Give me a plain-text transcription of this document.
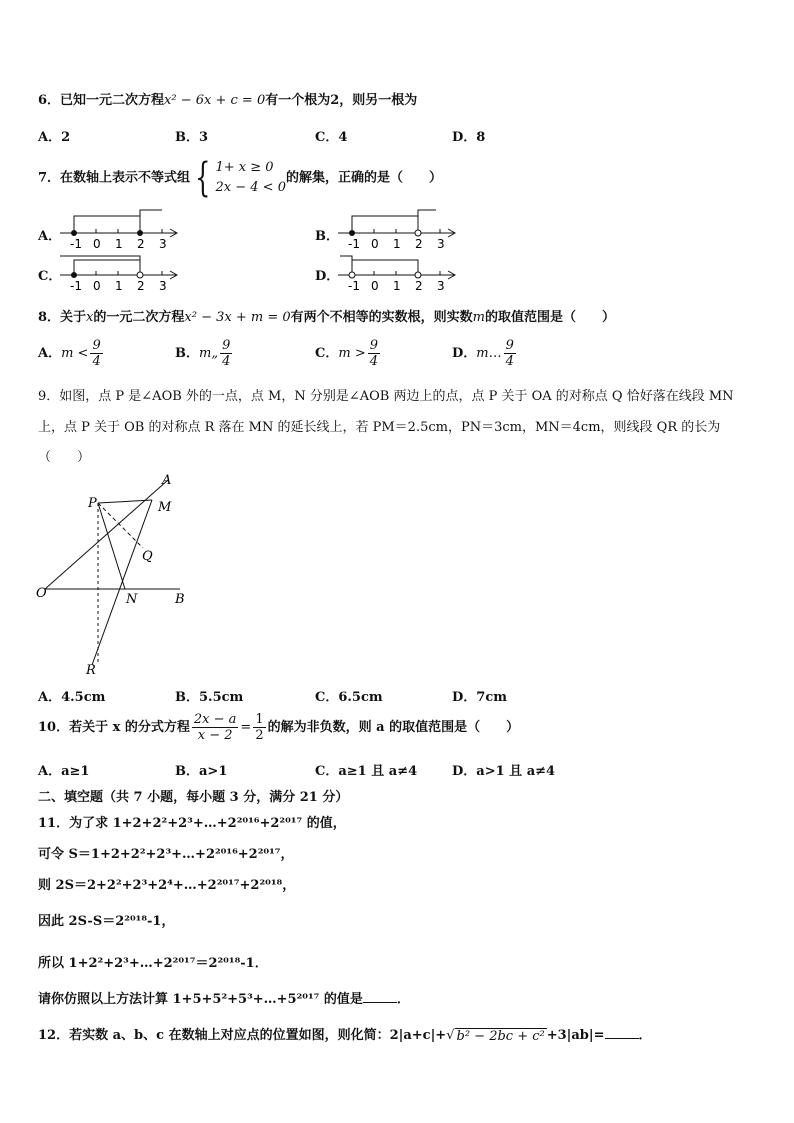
6．已知一元二次方程x² − 6x + c = 0有一个根为2，则另一根为
A．2	B．3	C．4	D．8
7．在数轴上表示不等式组 { 1+ x ≥ 0
2x − 4 < 0
的解集，正确的是（　　）
A．	B．
C．	D．
-1 0 1 2 3	-1 0 1 2 3
-1 0 1 2 3	-1 0 1 2 3
8．关于x的一元二次方程x² − 3x + m = 0有两个不相等的实数根，则实数m的取值范围是（　　）
A．$m < \frac{9}{4}$	B．m„ $\frac{9}{4}$	C．$m > \frac{9}{4}$	D．m… $\frac{9}{4}$
9．如图，点 P 是∠AOB 外的一点，点 M，N 分别是∠AOB 两边上的点，点 P 关于 OA 的对称点 Q 恰好落在线段 MN
上，点 P 关于 OB 的对称点 R 落在 MN 的延长线上，若 PM＝2.5cm，PN＝3cm，MN＝4cm，则线段 QR 的长为
（　　）
A
M
P
Q
O	N	B
R
A．4.5cm	B．5.5cm	C．6.5cm	D．7cm
10．若关于 x 的分式方程 $\frac{2x - a}{x - 2} = \frac{1}{2}$ 的解为非负数，则 a 的取值范围是（　　）
A．a≥1	B．a>1	C．a≥1 且 a≠4	D．a>1 且 a≠4
二、填空题（共 7 小题，每小题 3 分，满分 21 分）
11．为了求 1+2+2²+2³+…+2²⁰¹⁶+2²⁰¹⁷ 的值，
可令 S＝1+2+2²+2³+…+2²⁰¹⁶+2²⁰¹⁷，
则 2S＝2+2²+2³+2⁴+…+2²⁰¹⁷+2²⁰¹⁸，
因此 2S-S＝2²⁰¹⁸-1，
所以 1+2²+2³+…+2²⁰¹⁷＝2²⁰¹⁸-1．
请你仿照以上方法计算 1+5+5²+5³+…+5²⁰¹⁷ 的值是	．
12．若实数 a、b、c 在数轴上对应点的位置如图，则化简：2|a+c|+ √ b² − 2bc + c² +3|ab|=	．
